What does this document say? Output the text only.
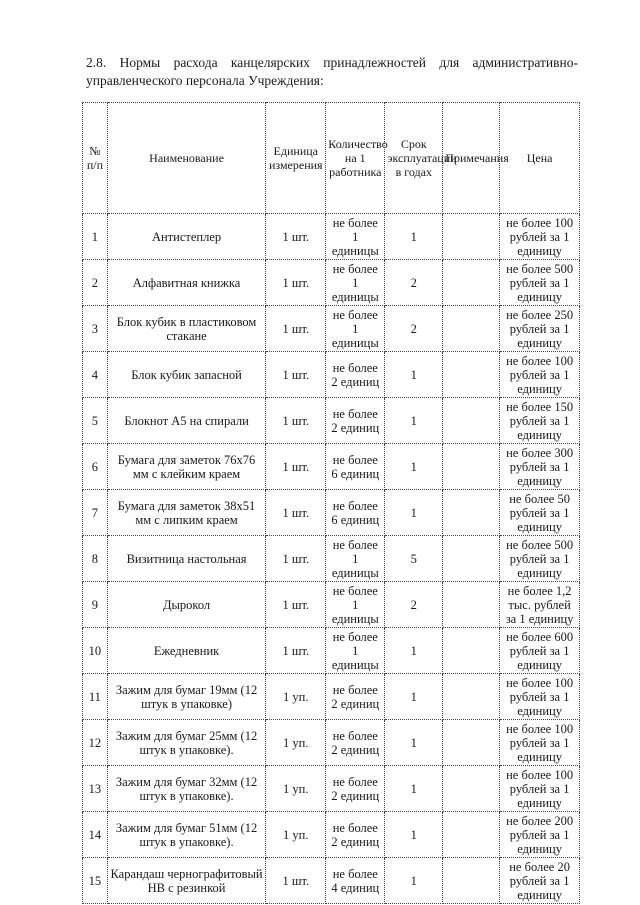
2.8. Нормы расхода канцелярских принадлежностей для административно-управленческого персонала Учреждения:
№ п/п	Наименование	Единица измерения	Количество на 1 работника	Срок эксплуатации в годах	Примечания	Цена
1	Антистеплер	1 шт.	не более 1 единицы	1		не более 100 рублей за 1 единицу
2	Алфавитная книжка	1 шт.	не более 1 единицы	2		не более 500 рублей за 1 единицу
3	Блок кубик в пластиковом стакане	1 шт.	не более 1 единицы	2		не более 250 рублей за 1 единицу
4	Блок кубик запасной	1 шт.	не более 2 единиц	1		не более 100 рублей за 1 единицу
5	Блокнот А5 на спирали	1 шт.	не более 2 единиц	1		не более 150 рублей за 1 единицу
6	Бумага для заметок 76х76 мм с клейким краем	1 шт.	не более 6 единиц	1		не более 300 рублей за 1 единицу
7	Бумага для заметок 38х51 мм с липким краем	1 шт.	не более 6 единиц	1		не более 50 рублей за 1 единицу
8	Визитница настольная	1 шт.	не более 1 единицы	5		не более 500 рублей за 1 единицу
9	Дырокол	1 шт.	не более 1 единицы	2		не более 1,2 тыс. рублей за 1 единицу
10	Ежедневник	1 шт.	не более 1 единицы	1		не более 600 рублей за 1 единицу
11	Зажим для бумаг 19мм (12 штук в упаковке)	1 уп.	не более 2 единиц	1		не более 100 рублей за 1 единицу
12	Зажим для бумаг 25мм (12 штук в упаковке).	1 уп.	не более 2 единиц	1		не более 100 рублей за 1 единицу
13	Зажим для бумаг 32мм (12 штук в упаковке).	1 уп.	не более 2 единиц	1		не более 100 рублей за 1 единицу
14	Зажим для бумаг 51мм (12 штук в упаковке).	1 уп.	не более 2 единиц	1		не более 200 рублей за 1 единицу
15	Карандаш чернографитовый НВ с резинкой	1 шт.	не более 4 единиц	1		не более 20 рублей за 1 единицу
